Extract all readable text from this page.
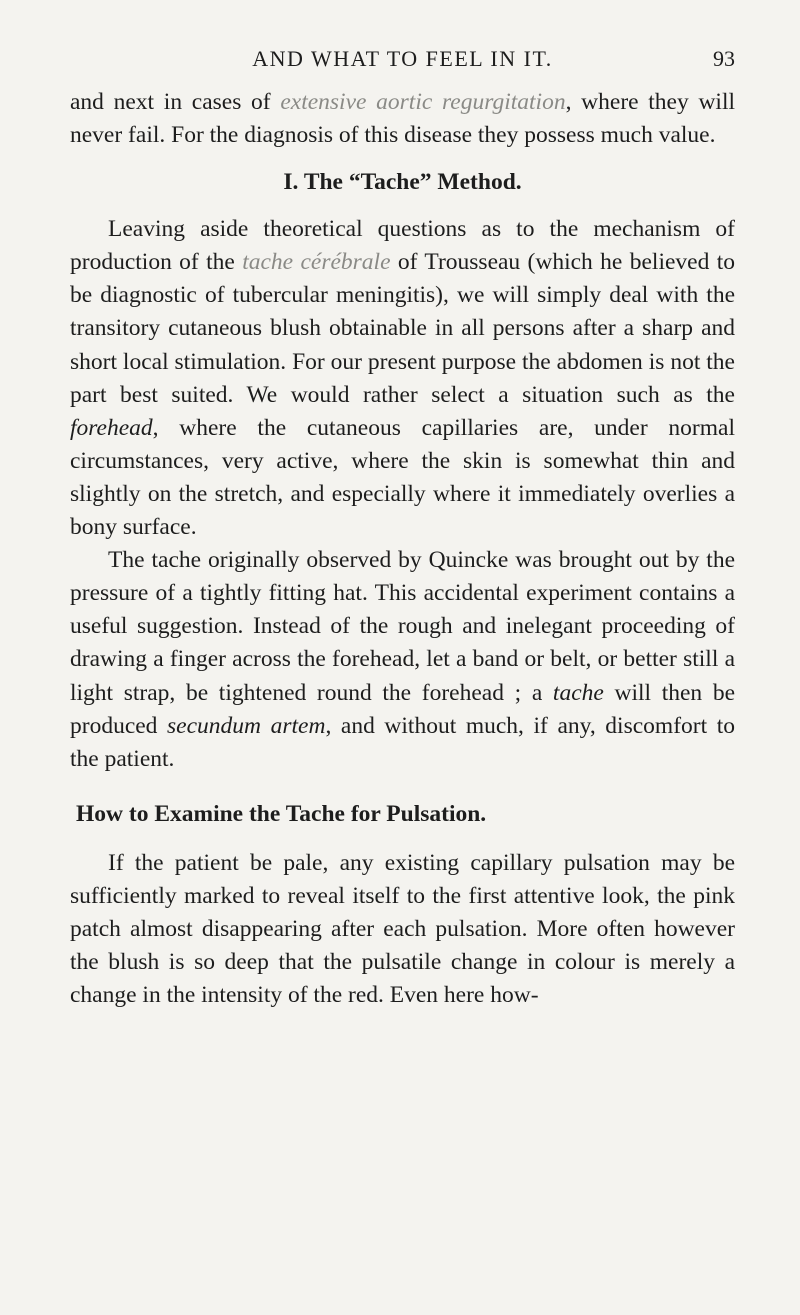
AND WHAT TO FEEL IN IT.	93

and next in cases of extensive aortic regurgitation, where they will never fail. For the diagnosis of this disease they possess much value.

I. The “Tache” Method.

Leaving aside theoretical questions as to the mechanism of production of the tache cérébrale of Trousseau (which he believed to be diagnostic of tubercular meningitis), we will simply deal with the transitory cutaneous blush obtainable in all persons after a sharp and short local stimulation. For our present purpose the abdomen is not the part best suited. We would rather select a situation such as the forehead, where the cutaneous capillaries are, under normal circumstances, very active, where the skin is somewhat thin and slightly on the stretch, and especially where it immediately overlies a bony surface.

The tache originally observed by Quincke was brought out by the pressure of a tightly fitting hat. This accidental experiment contains a useful suggestion. Instead of the rough and inelegant proceeding of drawing a finger across the forehead, let a band or belt, or better still a light strap, be tightened round the forehead ; a tache will then be produced secundum artem, and without much, if any, discomfort to the patient.

How to Examine the Tache for Pulsation.

If the patient be pale, any existing capillary pulsation may be sufficiently marked to reveal itself to the first attentive look, the pink patch almost disappearing after each pulsation. More often however the blush is so deep that the pulsatile change in colour is merely a change in the intensity of the red. Even here how-
